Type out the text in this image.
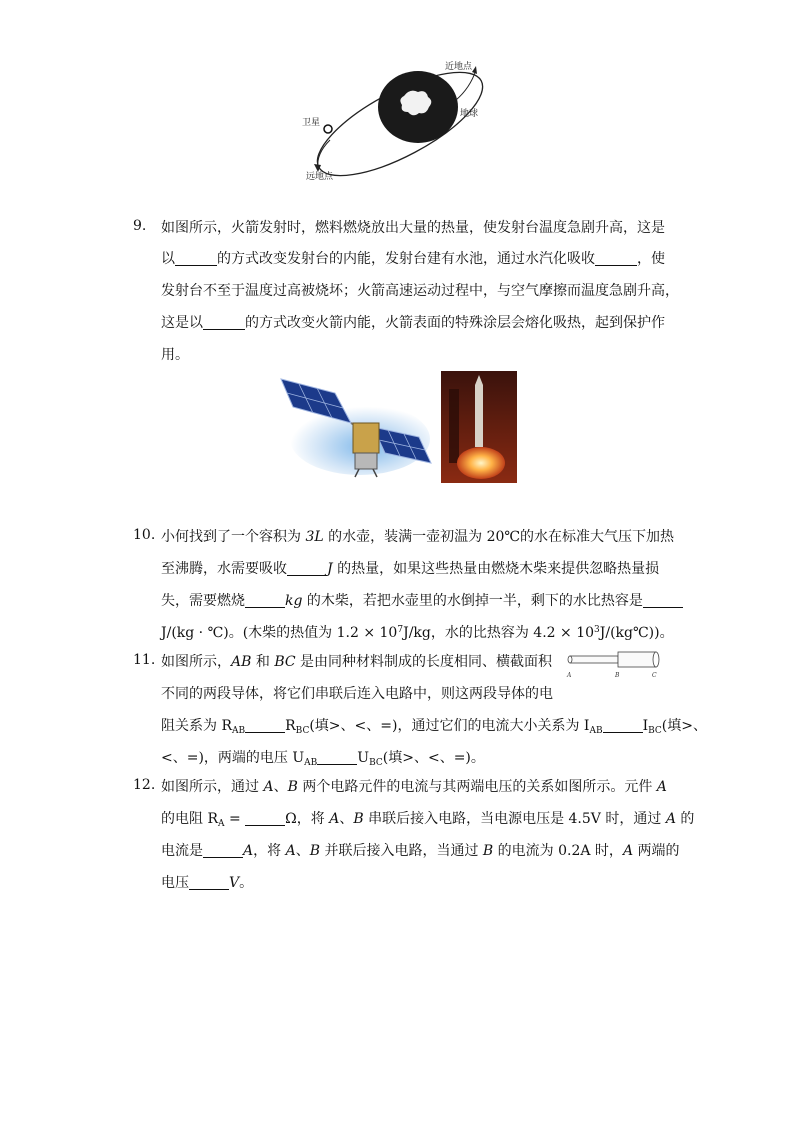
近地点
地球
卫星
远地点
9.	如图所示，火箭发射时，燃料燃烧放出大量的热量，使发射台温度急剧升高，这是
以	的方式改变发射台的内能，发射台建有水池，通过水汽化吸收	，使
发射台不至于温度过高被烧坏；火箭高速运动过程中，与空气摩擦而温度急剧升高，
这是以	的方式改变火箭内能，火箭表面的特殊涂层会熔化吸热，起到保护作
用。
10. 小何找到了一个容积为 3L 的水壶，装满一壶初温为 20℃的水在标准大气压下加热
至沸腾，水需要吸收	J 的热量，如果这些热量由燃烧木柴来提供忽略热量损
失，需要燃烧	kg 的木柴，若把水壶里的水倒掉一半，剩下的水比热容是
J/(kg · ℃)。(木柴的热值为 $1.2 \times 10^7J/kg$，水的比热容为 $4.2 \times 10^3J/(kg℃)$)。
11. 如图所示，AB 和 BC 是由同种材料制成的长度相同、横截面积
不同的两段导体，将它们串联后连入电路中，则这两段导体的电
阻关系为 $R_{AB}$	$R_{BC}$(填>、<、=)，通过它们的电流大小关系为 $I_{AB}$	$I_{BC}$(填>、
<、=)，两端的电压 $U_{AB}$	$U_{BC}$(填>、<、=)。
A	B	C
12. 如图所示，通过 A、B 两个电路元件的电流与其两端电压的关系如图所示。元件 A
的电阻 $R_A$ =	Ω，将 A、B 串联后接入电路，当电源电压是 4.5V 时，通过 A 的
电流是	A，将 A、B 并联后接入电路，当通过 B 的电流为 0.2A 时，A 两端的
电压	V。
